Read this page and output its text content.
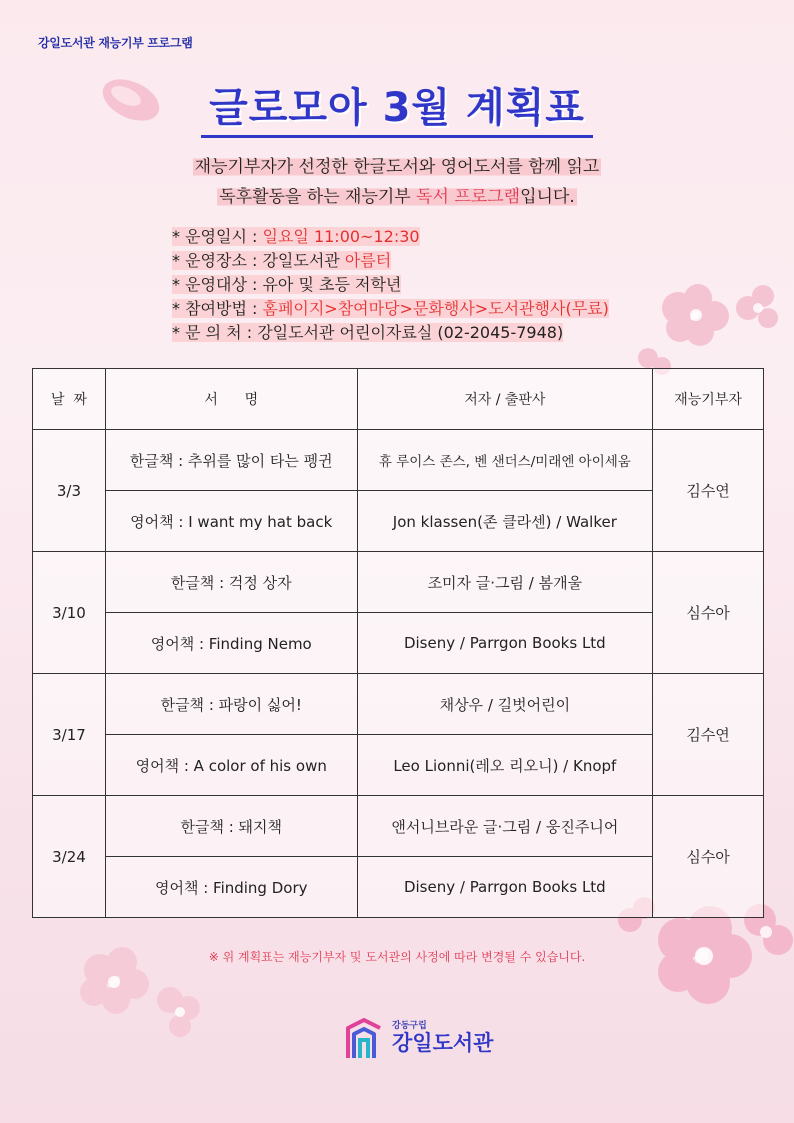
강일도서관 재능기부 프로그램
글로모아 3월 계획표
재능기부자가 선정한 한글도서와 영어도서를 함께 읽고
독후활동을 하는 재능기부 독서 프로그램입니다.
* 운영일시 : 일요일 11:00~12:30
* 운영장소 : 강일도서관 아름터
* 운영대상 : 유아 및 초등 저학년
* 참여방법 : 홈페이지>참여마당>문화행사>도서관행사(무료)
* 문 의 처 : 강일도서관 어린이자료실 (02-2045-7948)
날  짜	서      명	저자 / 출판사	재능기부자
3/3	한글책 : 추위를 많이 타는 펭귄	휴 루이스 존스, 벤 샌더스/미래엔 아이세움	김수연
	영어책 : I want my hat back	Jon klassen(존 클라센) / Walker	
3/10	한글책 : 걱정 상자	조미자 글·그림 / 봄개울	심수아
	영어책 : Finding Nemo	Diseny / Parrgon Books Ltd	
3/17	한글책 : 파랑이 싫어!	채상우 / 길벗어린이	김수연
	영어책 : A color of his own	Leo Lionni(레오 리오니) / Knopf	
3/24	한글책 : 돼지책	앤서니브라운 글·그림 / 웅진주니어	심수아
	영어책 : Finding Dory	Diseny / Parrgon Books Ltd	
※ 위 계획표는 재능기부자 및 도서관의 사정에 따라 변경될 수 있습니다.
강동구립
강일도서관
